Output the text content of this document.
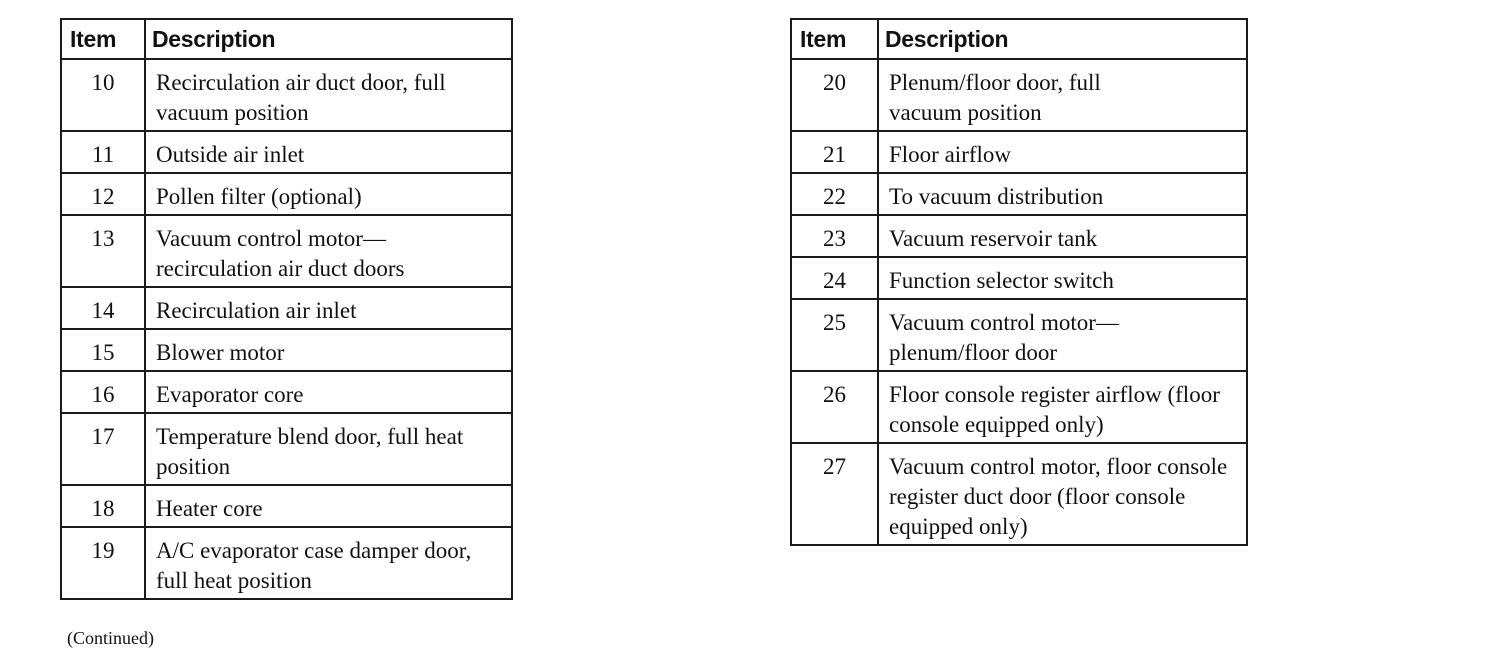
Item	Description
10	Recirculation air duct door, full vacuum position
11	Outside air inlet
12	Pollen filter (optional)
13	Vacuum control motor—recirculation air duct doors
14	Recirculation air inlet
15	Blower motor
16	Evaporator core
17	Temperature blend door, full heat position
18	Heater core
19	A/C evaporator case damper door, full heat position
(Continued)
Item	Description
20	Plenum/floor door, full vacuum position
21	Floor airflow
22	To vacuum distribution
23	Vacuum reservoir tank
24	Function selector switch
25	Vacuum control motor—plenum/floor door
26	Floor console register airflow (floor console equipped only)
27	Vacuum control motor, floor console register duct door (floor console equipped only)
